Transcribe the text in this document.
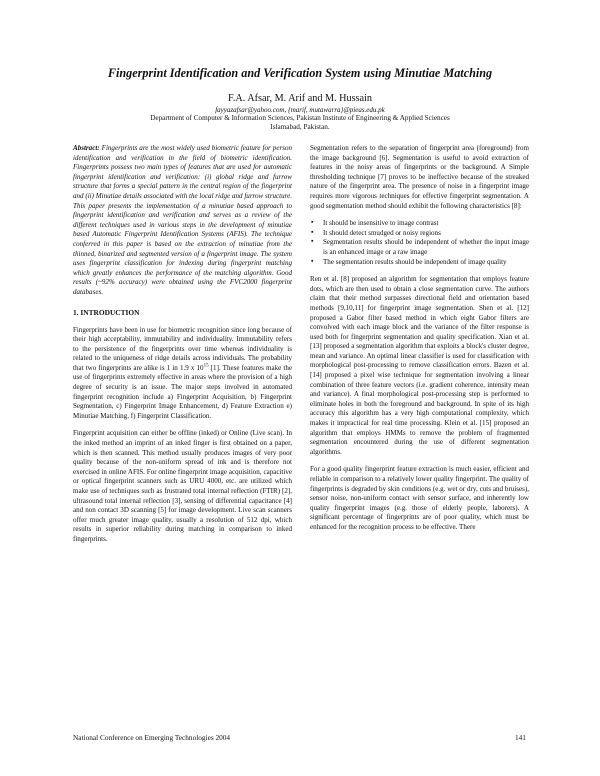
Fingerprint Identification and Verification System using Minutiae Matching
F.A. Afsar, M. Arif and M. Hussain
fayyazafsar@yahoo.com, {marif, mutawarra}@pieas.edu.pk
Department of Computer & Information Sciences, Pakistan Institute of Engineering & Applied Sciences
Islamabad, Pakistan.

Abstract: Fingerprints are the most widely used biometric feature for person identification and verification in the field of biometric identification. Fingerprints possess two main types of features that are used for automatic fingerprint identification and verification: (i) global ridge and furrow structure that forms a special pattern in the central region of the fingerprint and (ii) Minutiae details associated with the local ridge and furrow structure. This paper presents the implementation of a minutiae based approach to fingerprint identification and verification and serves as a review of the different techniques used in various steps in the development of minutiae based Automatic Fingerprint Identification Systems (AFIS). The technique conferred in this paper is based on the extraction of minutiae from the thinned, binarized and segmented version of a fingerprint image. The system uses fingerprint classification for indexing during fingerprint matching which greatly enhances the performance of the matching algorithm. Good results (~92% accuracy) were obtained using the FVC2000 fingerprint databases.

1. INTRODUCTION

Fingerprints have been in use for biometric recognition since long because of their high acceptability, immutability and individuality. Immutability refers to the persistence of the fingerprints over time whereas individuality is related to the uniqueness of ridge details across individuals. The probability that two fingerprints are alike is 1 in 1.9 x $10^{15}$ [1]. These features make the use of fingerprints extremely effective in areas where the provision of a high degree of security is an issue. The major steps involved in automated fingerprint recognition include a) Fingerprint Acquisition, b) Fingerprint Segmentation, c) Fingerprint Image Enhancement, d) Feature Extraction e) Minutiae Matching, f) Fingerprint Classification.

Fingerprint acquisition can either be offline (inked) or Online (Live scan). In the inked method an imprint of an inked finger is first obtained on a paper, which is then scanned. This method usually produces images of very poor quality because of the non-uniform spread of ink and is therefore not exercised in online AFIS. For online fingerprint image acquisition, capacitive or optical fingerprint scanners such as URU 4000, etc. are utilized which make use of techniques such as frustrated total internal reflection (FTIR) [2], ultrasound total internal reflection [3], sensing of differential capacitance [4] and non contact 3D scanning [5] for image development. Live scan scanners offer much greater image quality, usually a resolution of 512 dpi, which results in superior reliability during matching in comparison to inked fingerprints.

Segmentation refers to the separation of fingerprint area (foreground) from the image background [6]. Segmentation is useful to avoid extraction of features in the noisy areas of fingerprints or the background. A Simple thresholding technique [7] proves to be ineffective because of the streaked nature of the fingerprint area. The presence of noise in a fingerprint image requires more vigorous techniques for effective fingerprint segmentation. A good segmentation method should exhibit the following characteristics [8]:

▪ It should be insensitive to image contrast
▪ It should detect smudged or noisy regions
▪ Segmentation results should be independent of whether the input image is an enhanced image or a raw image
▪ The segmentation results should be independent of image quality

Ren et al. [8] proposed an algorithm for segmentation that employs feature dots, which are then used to obtain a close segmentation curve. The authors claim that their method surpasses directional field and orientation based methods [9,10,11] for fingerprint image segmentation. Shen et al. [12] proposed a Gabor filter based method in which eight Gabor filters are convolved with each image block and the variance of the filter response is used both for fingerprint segmentation and quality specification. Xian et al. [13] proposed a segmentation algorithm that exploits a block's cluster degree, mean and variance. An optimal linear classifier is used for classification with morphological post-processing to remove classification errors. Bazen et al. [14] proposed a pixel wise technique for segmentation involving a linear combination of three feature vectors (i.e. gradient coherence, intensity mean and variance). A final morphological post-processing step is performed to eliminate holes in both the foreground and background. In spite of its high accuracy this algorithm has a very high computational complexity, which makes it impractical for real time processing. Klein et al. [15] proposed an algorithm that employs HMMs to remove the problem of fragmented segmentation encountered during the use of different segmentation algorithms.

For a good quality fingerprint feature extraction is much easier, efficient and reliable in comparison to a relatively lower quality fingerprint. The quality of fingerprints is degraded by skin conditions (e.g. wet or dry, cuts and bruises), sensor noise, non-uniform contact with sensor surface, and inherently low quality fingerprint images (e.g. those of elderly people, laborers). A significant percentage of fingerprints are of poor quality, which must be enhanced for the recognition process to be effective. There

National Conference on Emerging Technologies 2004	141
